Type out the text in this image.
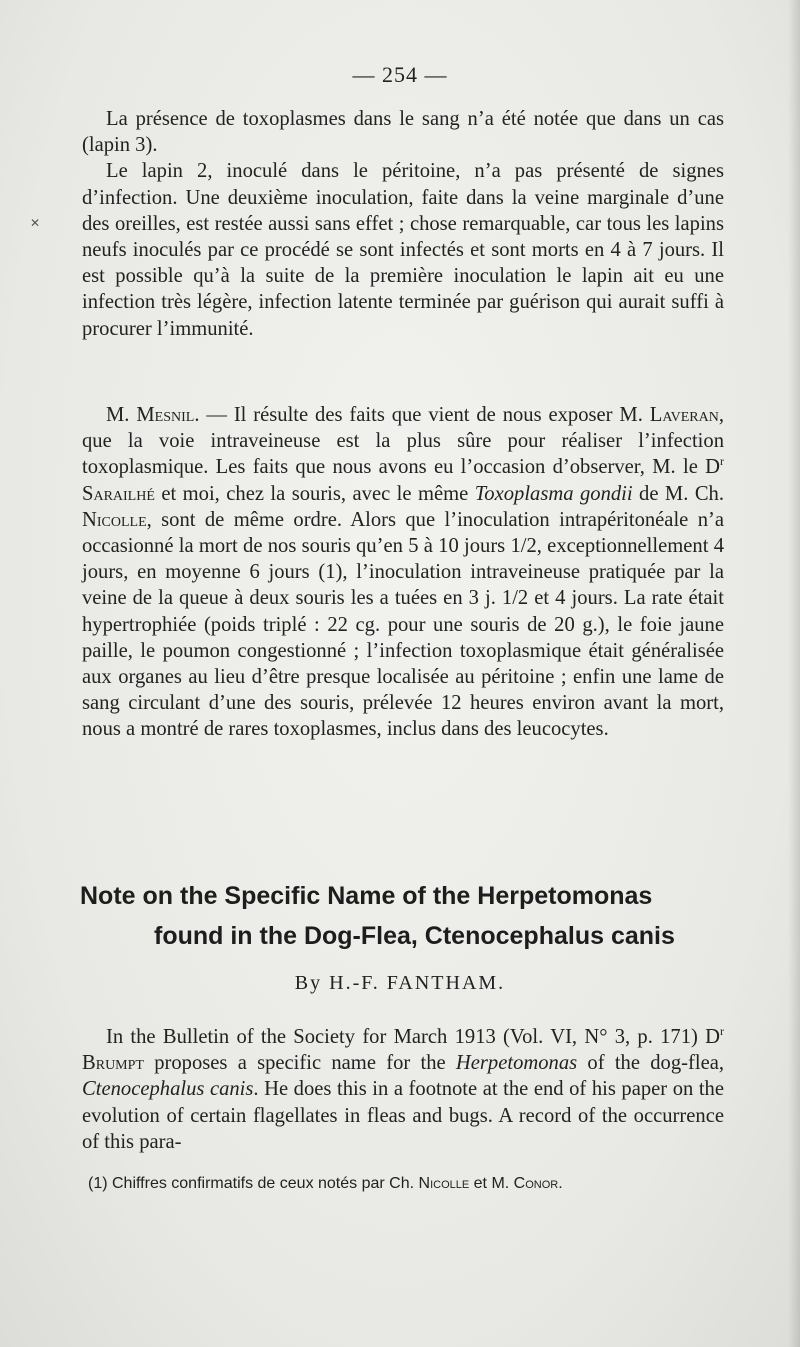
✕
— 254 —

La présence de toxoplasmes dans le sang n’a été notée que dans un cas (lapin 3).

Le lapin 2, inoculé dans le péritoine, n’a pas présenté de signes d’infection. Une deuxième inoculation, faite dans la veine marginale d’une des oreilles, est restée aussi sans effet ; chose remarquable, car tous les lapins neufs inoculés par ce procédé se sont infectés et sont morts en 4 à 7 jours. Il est possible qu’à la suite de la première inoculation le lapin ait eu une infection très légère, infection latente terminée par guérison qui aurait suffi à procurer l’immunité.

M. Mesnil. — Il résulte des faits que vient de nous exposer M. Laveran, que la voie intraveineuse est la plus sûre pour réaliser l’infection toxoplasmique. Les faits que nous avons eu l’occasion d’observer, M. le $D^r$ Sarailhé et moi, chez la souris, avec le même Toxoplasma gondii de M. Ch. Nicolle, sont de même ordre. Alors que l’inoculation intrapéritonéale n’a occasionné la mort de nos souris qu’en 5 à 10 jours 1/2, exceptionnellement 4 jours, en moyenne 6 jours (1), l’inoculation intraveineuse pratiquée par la veine de la queue à deux souris les a tuées en 3 j. 1/2 et 4 jours. La rate était hypertrophiée (poids triplé : 22 cg. pour une souris de 20 g.), le foie jaune paille, le poumon congestionné ; l’infection toxoplasmique était généralisée aux organes au lieu d’être presque localisée au péritoine ; enfin une lame de sang circulant d’une des souris, prélevée 12 heures environ avant la mort, nous a montré de rares toxoplasmes, inclus dans des leucocytes.

Note on the Specific Name of the Herpetomonas
found in the Dog-Flea, Ctenocephalus canis
By H.-F. FANTHAM.

In the Bulletin of the Society for March 1913 (Vol. VI, N° 3, p. 171) $D^r$ Brumpt proposes a specific name for the Herpetomonas of the dog-flea, Ctenocephalus canis. He does this in a footnote at the end of his paper on the evolution of certain flagellates in fleas and bugs. A record of the occurrence of this para-

(1) Chiffres confirmatifs de ceux notés par Ch. Nicolle et M. Conor.
